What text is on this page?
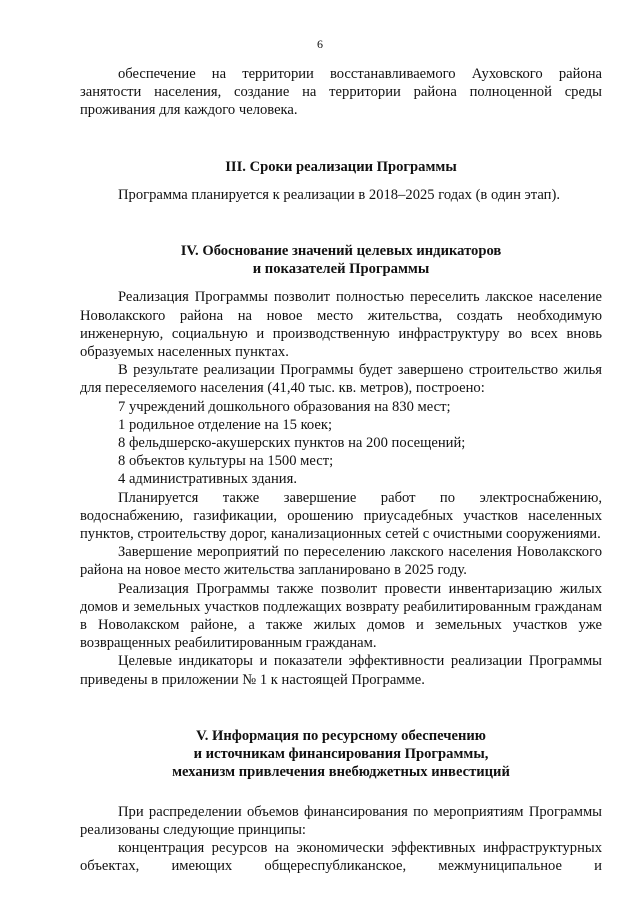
6

обеспечение на территории восстанавливаемого Ауховского района занятости населения, создание на территории района полноценной среды проживания для каждого человека.

III. Сроки реализации Программы

Программа планируется к реализации в 2018–2025 годах (в один этап).

IV. Обоснование значений целевых индикаторов
и показателей Программы

Реализация Программы позволит полностью переселить лакское население Новолакского района на новое место жительства, создать необходимую инженерную, социальную и производственную инфраструктуру во всех вновь образуемых населенных пунктах.

В результате реализации Программы будет завершено строительство жилья для переселяемого населения (41,40 тыс. кв. метров), построено:

7 учреждений дошкольного образования на 830 мест;

1 родильное отделение на 15 коек;

8 фельдшерско-акушерских пунктов на 200 посещений;

8 объектов культуры на 1500 мест;

4 административных здания.

Планируется также завершение работ по электроснабжению, водоснабжению, газификации, орошению приусадебных участков населенных пунктов, строительству дорог, канализационных сетей с очистными сооружениями.

Завершение мероприятий по переселению лакского населения Новолакского района на новое место жительства запланировано в 2025 году.

Реализация Программы также позволит провести инвентаризацию жилых домов и земельных участков подлежащих возврату реабилитированным гражданам в Новолакском районе, а также жилых домов и земельных участков уже возвращенных реабилитированным гражданам.

Целевые индикаторы и показатели эффективности реализации Программы приведены в приложении № 1 к настоящей Программе.

V. Информация по ресурсному обеспечению
и источникам финансирования Программы,
механизм привлечения внебюджетных инвестиций

При распределении объемов финансирования по мероприятиям Программы реализованы следующие принципы:

концентрация ресурсов на экономически эффективных инфраструктурных объектах, имеющих общереспубликанское, межмуниципальное и
